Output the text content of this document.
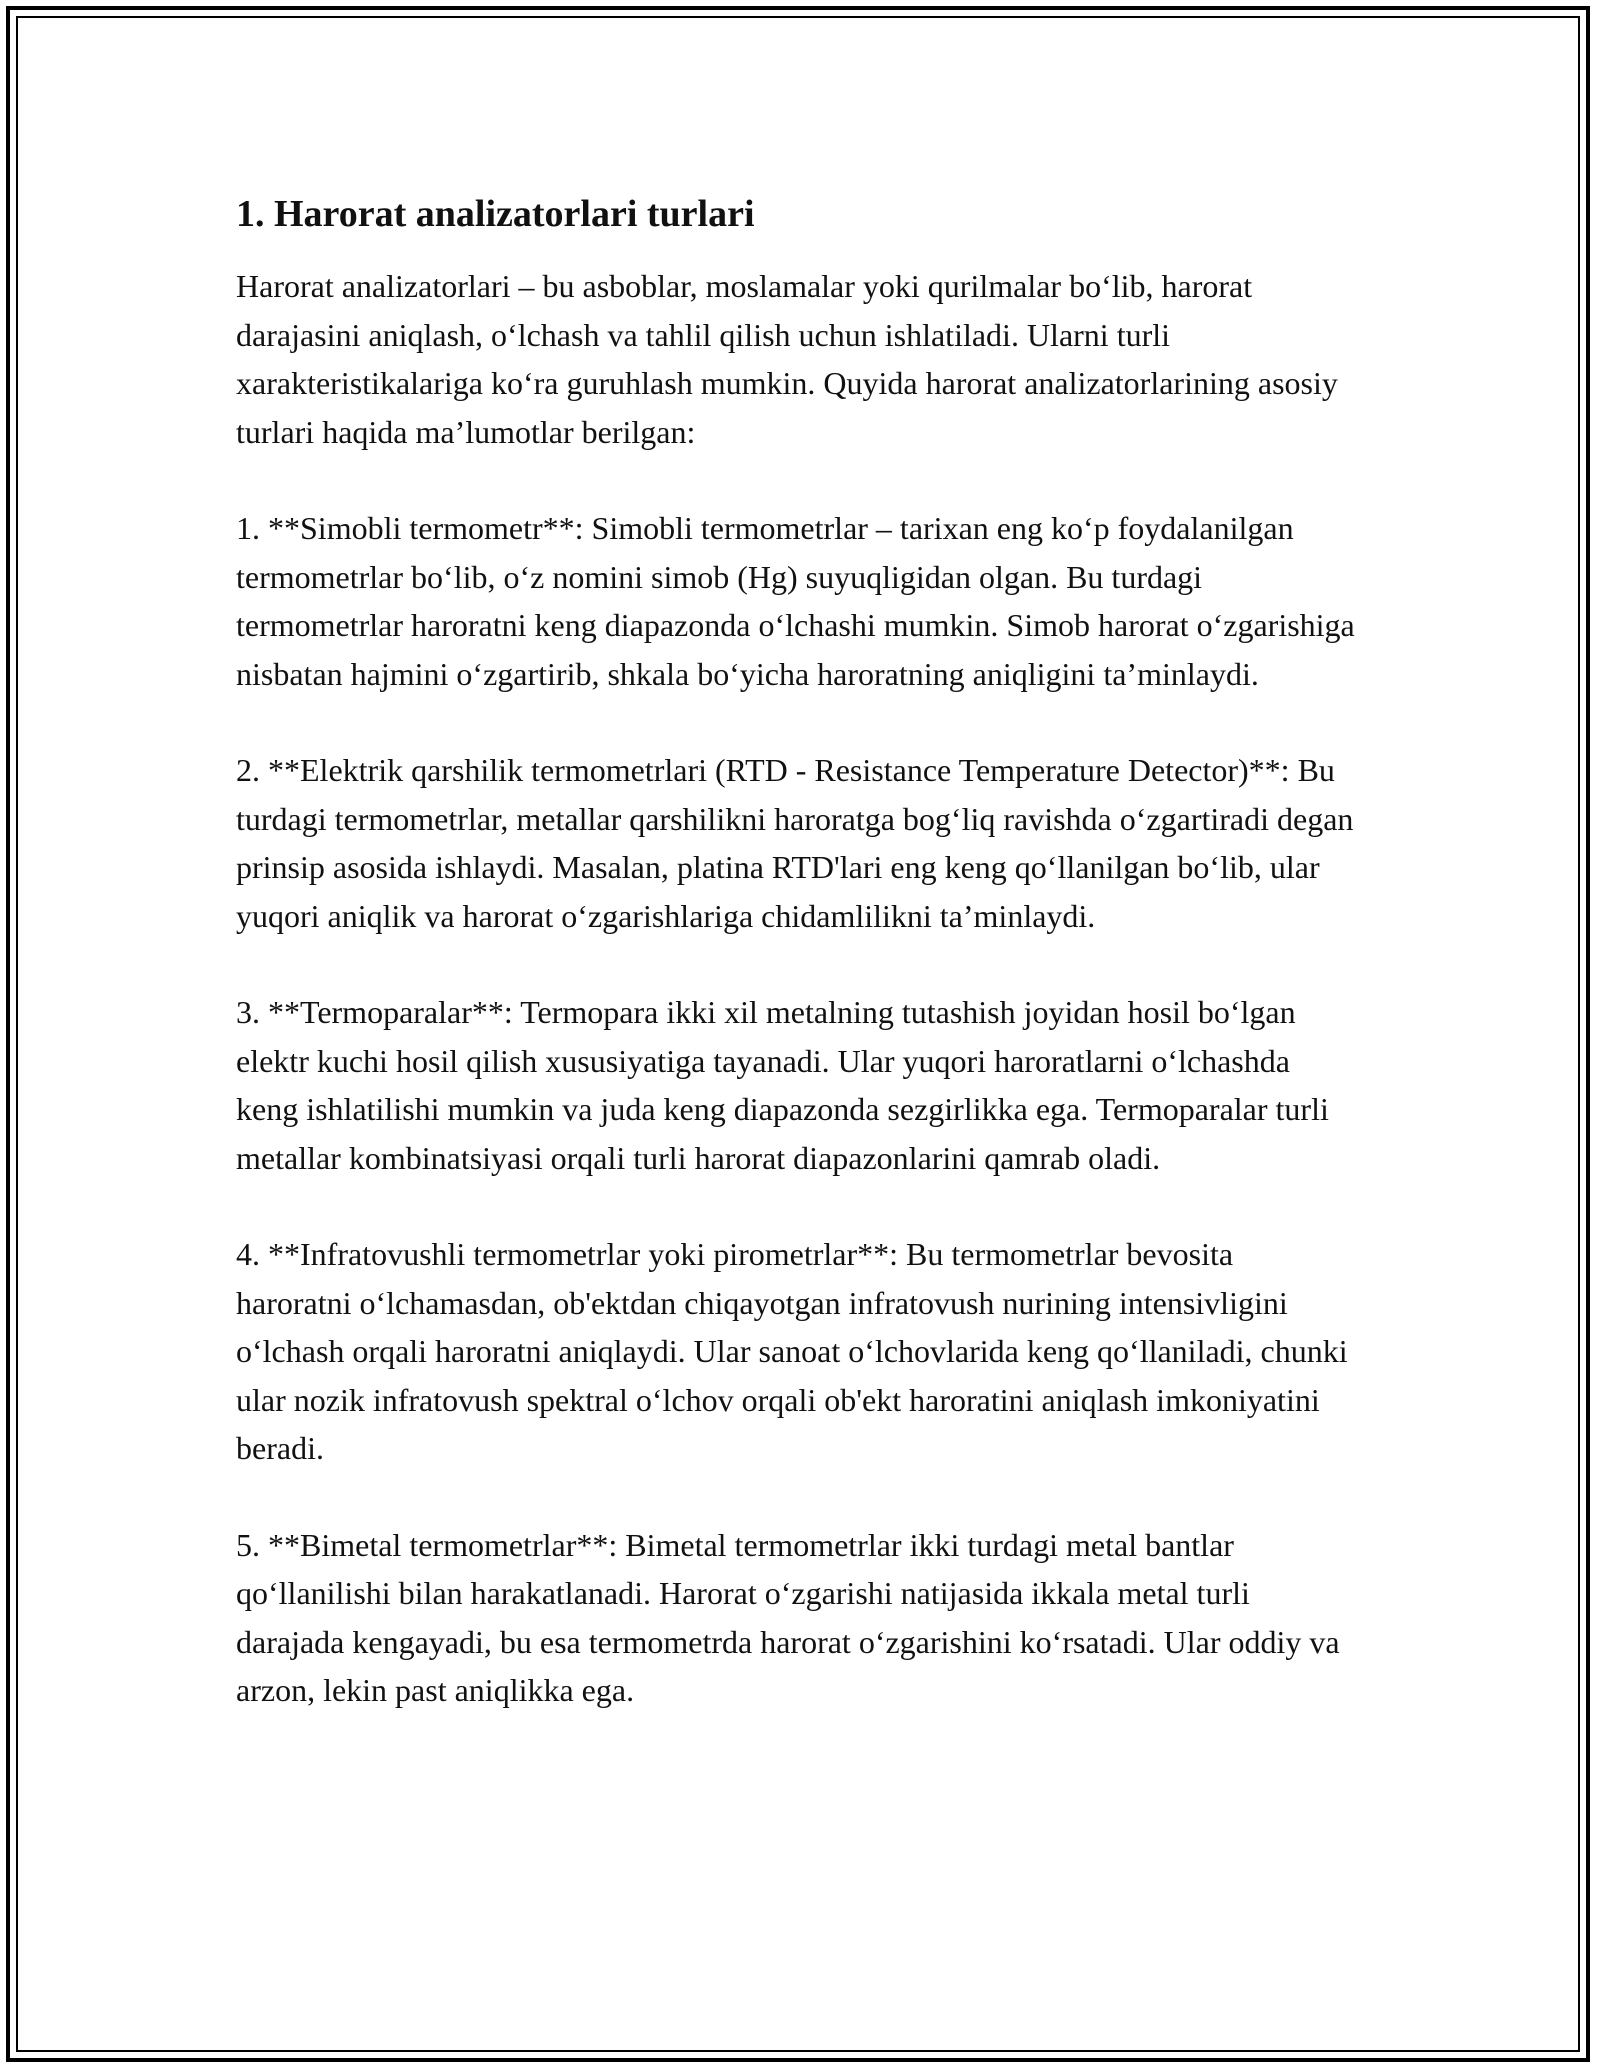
1. Harorat analizatorlari turlari

Harorat analizatorlari – bu asboblar, moslamalar yoki qurilmalar bo‘lib, harorat darajasini aniqlash, o‘lchash va tahlil qilish uchun ishlatiladi. Ularni turli xarakteristikalariga ko‘ra guruhlash mumkin. Quyida harorat analizatorlarining asosiy turlari haqida ma’lumotlar berilgan:

1. **Simobli termometr**: Simobli termometrlar – tarixan eng ko‘p foydalanilgan termometrlar bo‘lib, o‘z nomini simob (Hg) suyuqligidan olgan. Bu turdagi termometrlar haroratni keng diapazonda o‘lchashi mumkin. Simob harorat o‘zgarishiga nisbatan hajmini o‘zgartirib, shkala bo‘yicha haroratning aniqligini ta’minlaydi.

2. **Elektrik qarshilik termometrlari (RTD - Resistance Temperature Detector)**: Bu turdagi termometrlar, metallar qarshilikni haroratga bog‘liq ravishda o‘zgartiradi degan prinsip asosida ishlaydi. Masalan, platina RTD'lari eng keng qo‘llanilgan bo‘lib, ular yuqori aniqlik va harorat o‘zgarishlariga chidamlilikni ta’minlaydi.

3. **Termoparalar**: Termopara ikki xil metalning tutashish joyidan hosil bo‘lgan elektr kuchi hosil qilish xususiyatiga tayanadi. Ular yuqori haroratlarni o‘lchashda keng ishlatilishi mumkin va juda keng diapazonda sezgirlikka ega. Termoparalar turli metallar kombinatsiyasi orqali turli harorat diapazonlarini qamrab oladi.

4. **Infratovushli termometrlar yoki pirometrlar**: Bu termometrlar bevosita haroratni o‘lchamasdan, ob'ektdan chiqayotgan infratovush nurining intensivligini o‘lchash orqali haroratni aniqlaydi. Ular sanoat o‘lchovlarida keng qo‘llaniladi, chunki ular nozik infratovush spektral o‘lchov orqali ob'ekt haroratini aniqlash imkoniyatini beradi.

5. **Bimetal termometrlar**: Bimetal termometrlar ikki turdagi metal bantlar qo‘llanilishi bilan harakatlanadi. Harorat o‘zgarishi natijasida ikkala metal turli darajada kengayadi, bu esa termometrda harorat o‘zgarishini ko‘rsatadi. Ular oddiy va arzon, lekin past aniqlikka ega.
